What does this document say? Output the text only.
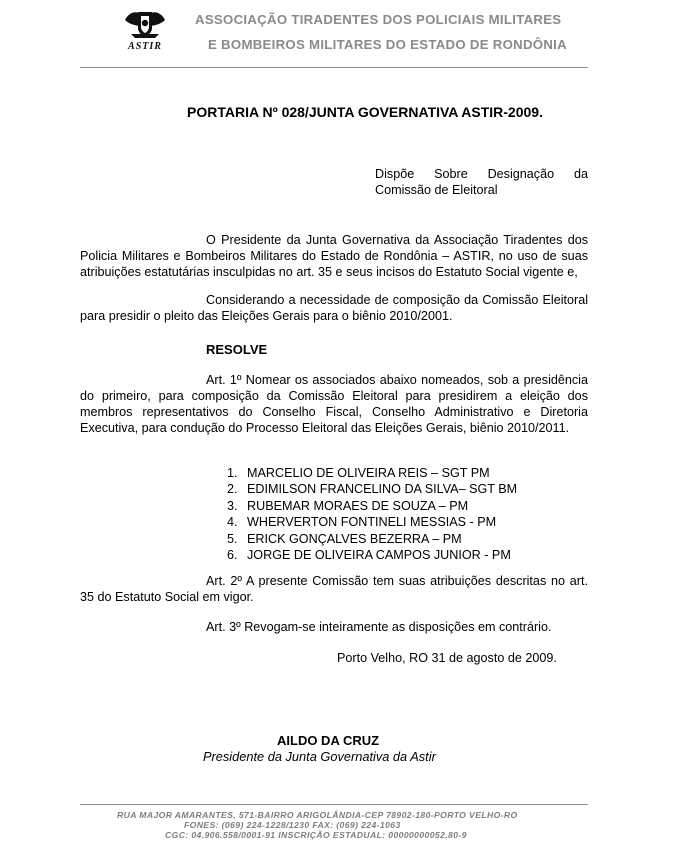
ASTIR
ASSOCIAÇÃO TIRADENTES DOS POLICIAIS MILITARES
E BOMBEIROS MILITARES DO ESTADO DE RONDÔNIA
PORTARIA Nº 028/JUNTA GOVERNATIVA ASTIR-2009.
Dispõe Sobre Designação da Comissão de Eleitoral
O Presidente da Junta Governativa da Associação Tiradentes dos Policia Militares e Bombeiros Militares do Estado de Rondônia – ASTIR, no uso de suas atribuições estatutárias insculpidas no art. 35 e seus incisos do Estatuto Social vigente e,
Considerando a necessidade de composição da Comissão Eleitoral para presidir o pleito das Eleições Gerais para o biênio 2010/2001.
RESOLVE
Art. 1º Nomear os associados abaixo nomeados, sob a presidência do primeiro, para composição da Comissão Eleitoral para presidirem a eleição dos membros representativos do Conselho Fiscal, Conselho Administrativo e Diretoria Executiva, para condução do Processo Eleitoral das Eleições Gerais, biênio 2010/2011.
1. MARCELIO DE OLIVEIRA REIS – SGT PM
2. EDIMILSON FRANCELINO DA SILVA– SGT BM
3. RUBEMAR MORAES DE SOUZA – PM
4. WHERVERTON FONTINELI MESSIAS - PM
5. ERICK GONÇALVES BEZERRA – PM
6. JORGE DE OLIVEIRA CAMPOS JUNIOR - PM
Art. 2º A presente Comissão tem suas atribuições descritas no art. 35 do Estatuto Social em vigor.
Art. 3º Revogam-se inteiramente as disposições em contrário.
Porto Velho, RO 31 de agosto de 2009.
AILDO DA CRUZ
Presidente da Junta Governativa da Astir
RUA MAJOR AMARANTES, 571-BAIRRO ARIGOLÂNDIA-CEP 78902-180-PORTO VELHO-RO
FONES: (069) 224-1228/1230 FAX: (069) 224-1063
CGC: 04.906.558/0001-91 INSCRIÇÃO ESTADUAL: 00000000052.80-9
